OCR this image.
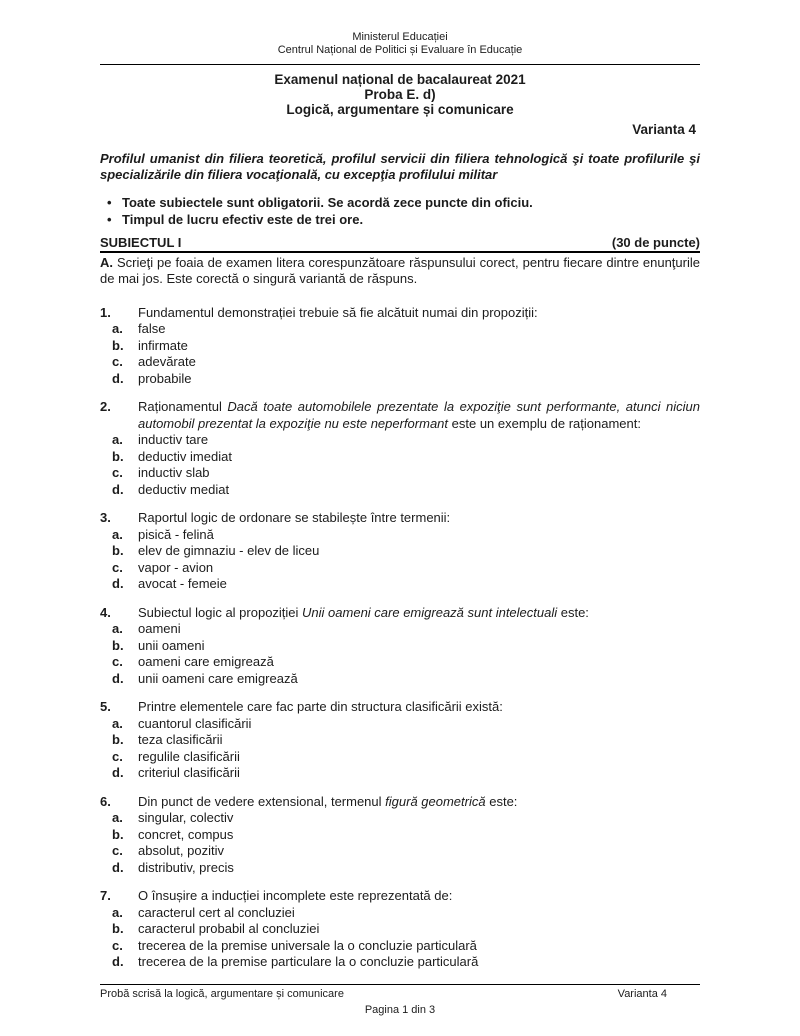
Ministerul Educației
Centrul Național de Politici și Evaluare în Educație
Examenul național de bacalaureat 2021
Proba E. d)
Logică, argumentare și comunicare
Varianta 4
Profilul umanist din filiera teoretică, profilul servicii din filiera tehnologică şi toate profilurile şi specializările din filiera vocaţională, cu excepţia profilului militar
• Toate subiectele sunt obligatorii. Se acordă zece puncte din oficiu.
• Timpul de lucru efectiv este de trei ore.
SUBIECTUL I	(30 de puncte)
A. Scrieţi pe foaia de examen litera corespunzătoare răspunsului corect, pentru fiecare dintre enunţurile de mai jos. Este corectă o singură variantă de răspuns.
1.	Fundamentul demonstrației trebuie să fie alcătuit numai din propoziții:
a.	false
b.	infirmate
c.	adevărate
d.	probabile
2.	Raționamentul Dacă toate automobilele prezentate la expoziţie sunt performante, atunci niciun automobil prezentat la expoziţie nu este neperformant este un exemplu de raționament:
a.	inductiv tare
b.	deductiv imediat
c.	inductiv slab
d.	deductiv mediat
3.	Raportul logic de ordonare se stabilește între termenii:
a.	pisică - felină
b.	elev de gimnaziu - elev de liceu
c.	vapor - avion
d.	avocat - femeie
4.	Subiectul logic al propoziției Unii oameni care emigrează sunt intelectuali este:
a.	oameni
b.	unii oameni
c.	oameni care emigrează
d.	unii oameni care emigrează
5.	Printre elementele care fac parte din structura clasificării există:
a.	cuantorul clasificării
b.	teza clasificării
c.	regulile clasificării
d.	criteriul clasificării
6.	Din punct de vedere extensional, termenul figură geometrică este:
a.	singular, colectiv
b.	concret, compus
c.	absolut, pozitiv
d.	distributiv, precis
7.	O însușire a inducției incomplete este reprezentată de:
a.	caracterul cert al concluziei
b.	caracterul probabil al concluziei
c.	trecerea de la premise universale la o concluzie particulară
d.	trecerea de la premise particulare la o concluzie particulară
Probă scrisă la logică, argumentare și comunicare	Varianta 4
Pagina 1 din 3
